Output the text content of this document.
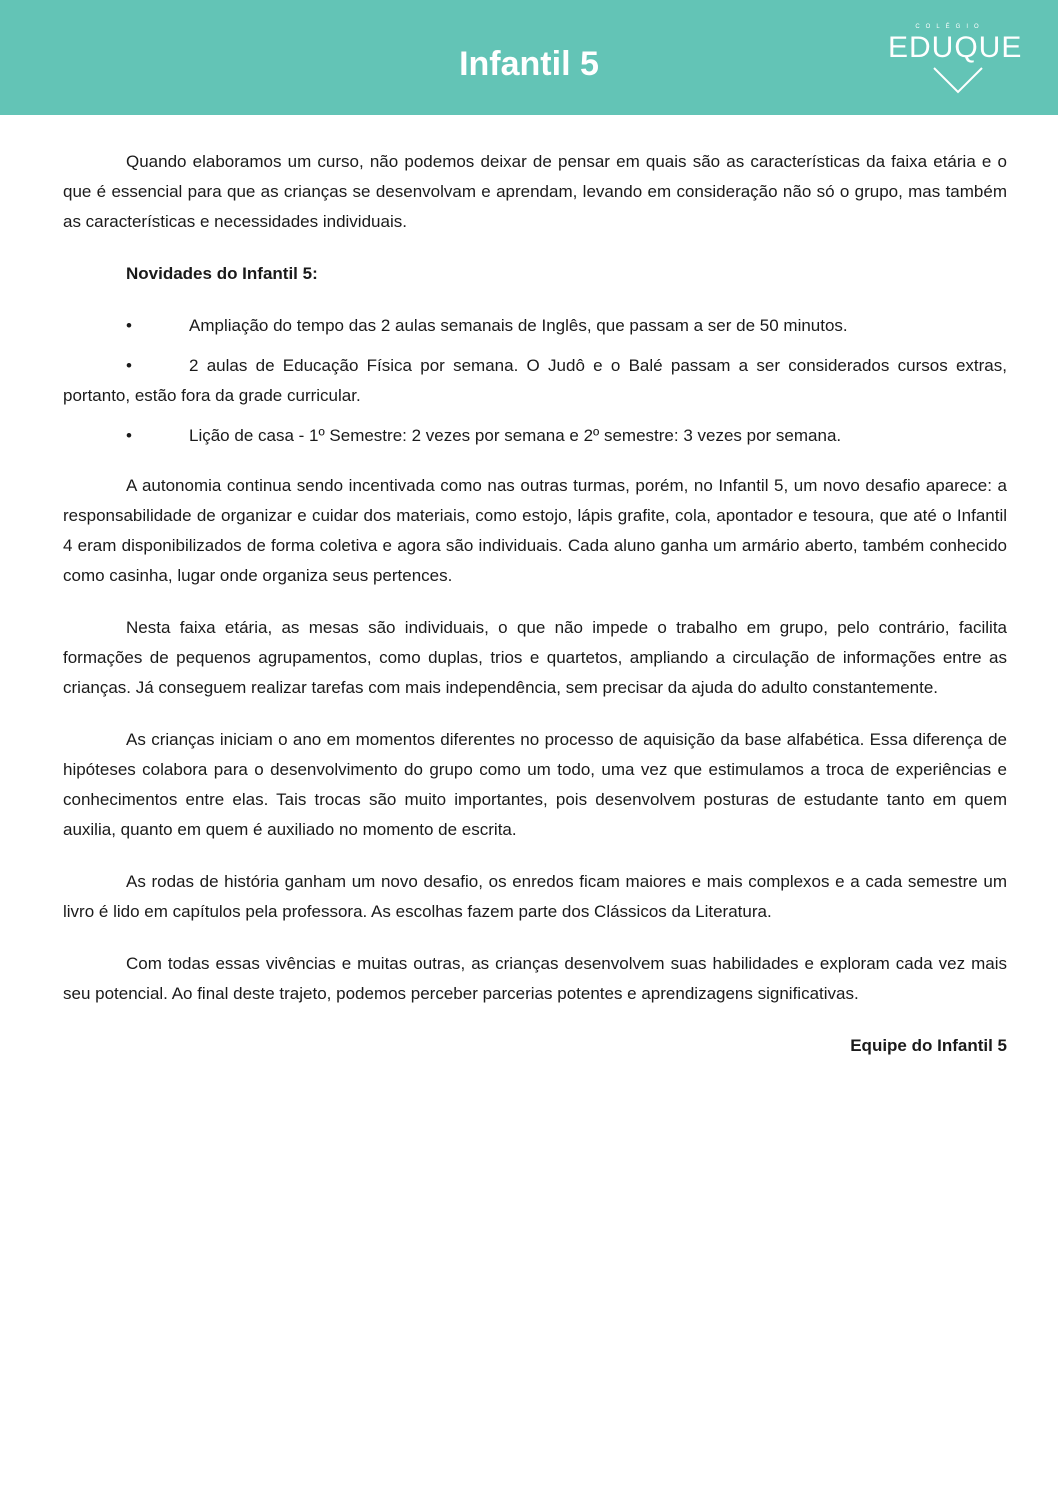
Infantil 5
COLÉGIO
EDUQUE

Quando elaboramos um curso, não podemos deixar de pensar em quais são as características da faixa etária e o que é essencial para que as crianças se desenvolvam e aprendam, levando em consideração não só o grupo, mas também as características e necessidades individuais.

Novidades do Infantil 5:

•	Ampliação do tempo das 2 aulas semanais de Inglês, que passam a ser de 50 minutos.
•	2 aulas de Educação Física por semana. O Judô e o Balé passam a ser considerados cursos extras, portanto, estão fora da grade curricular.
•	Lição de casa - 1º Semestre: 2 vezes por semana e 2º semestre: 3 vezes por semana.

A autonomia continua sendo incentivada como nas outras turmas, porém, no Infantil 5, um novo desafio aparece: a responsabilidade de organizar e cuidar dos materiais, como estojo, lápis grafite, cola, apontador e tesoura, que até o Infantil 4 eram disponibilizados de forma coletiva e agora são individuais. Cada aluno ganha um armário aberto, também conhecido como casinha, lugar onde organiza seus pertences.

Nesta faixa etária, as mesas são individuais, o que não impede o trabalho em grupo, pelo contrário, facilita formações de pequenos agrupamentos, como duplas, trios e quartetos, ampliando a circulação de informações entre as crianças. Já conseguem realizar tarefas com mais independência, sem precisar da ajuda do adulto constantemente.

As crianças iniciam o ano em momentos diferentes no processo de aquisição da base alfabética. Essa diferença de hipóteses colabora para o desenvolvimento do grupo como um todo, uma vez que estimulamos a troca de experiências e conhecimentos entre elas. Tais trocas são muito importantes, pois desenvolvem posturas de estudante tanto em quem auxilia, quanto em quem é auxiliado no momento de escrita.

As rodas de história ganham um novo desafio, os enredos ficam maiores e mais complexos e a cada semestre um livro é lido em capítulos pela professora. As escolhas fazem parte dos Clássicos da Literatura.

Com todas essas vivências e muitas outras, as crianças desenvolvem suas habilidades e exploram cada vez mais seu potencial. Ao final deste trajeto, podemos perceber parcerias potentes e aprendizagens significativas.

Equipe do Infantil 5
